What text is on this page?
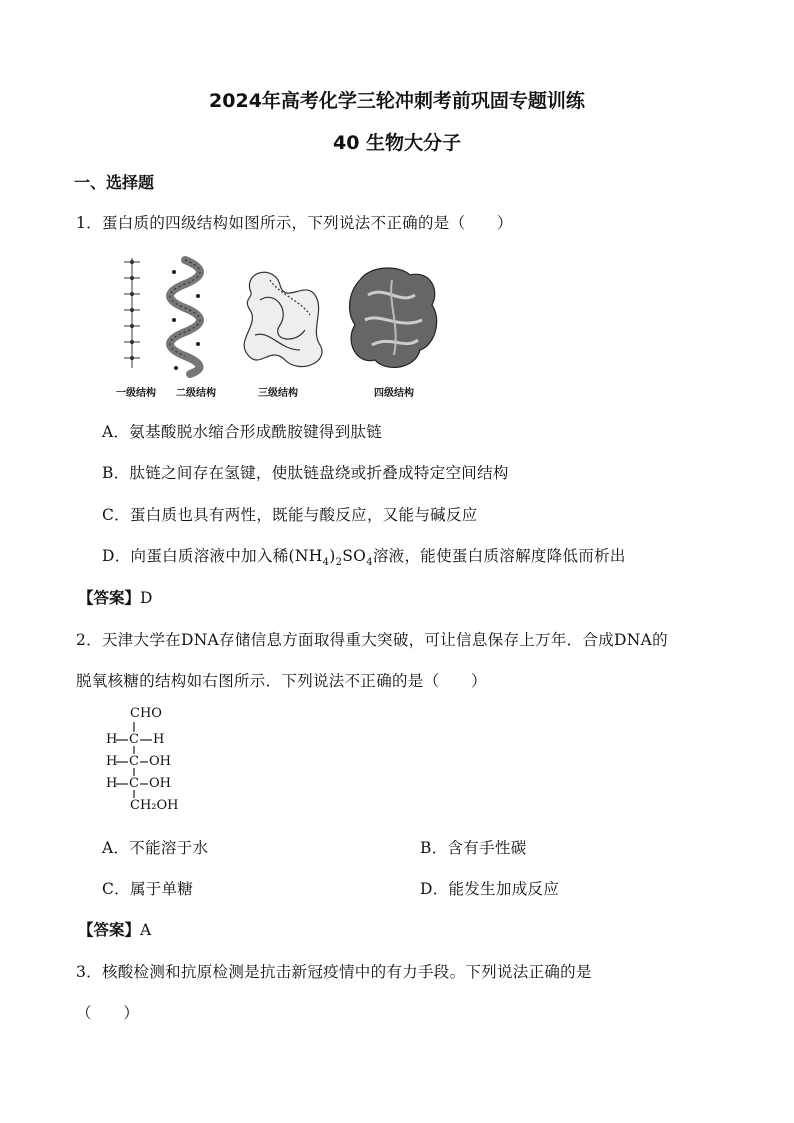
2024年高考化学三轮冲刺考前巩固专题训练
40 生物大分子
一、选择题
1．蛋白质的四级结构如图所示，下列说法不正确的是（　　）
一级结构 二级结构	三级结构	四级结构
A．氨基酸脱水缩合形成酰胺键得到肽链
B．肽链之间存在氢键，使肽链盘绕或折叠成特定空间结构
C．蛋白质也具有两性，既能与酸反应，又能与碱反应
D．向蛋白质溶液中加入稀$(NH_4)_2SO_4$溶液，能使蛋白质溶解度降低而析出
【答案】D
2．天津大学在DNA存储信息方面取得重大突破，可让信息保存上万年．合成DNA的
脱氧核糖的结构如右图所示．下列说法不正确的是（　　）
CHO
H C H
H C OH
H C OH
CH₂OH
A．不能溶于水	B．含有手性碳
C．属于单糖	D．能发生加成反应
【答案】A
3．核酸检测和抗原检测是抗击新冠疫情中的有力手段。下列说法正确的是
（　　）
